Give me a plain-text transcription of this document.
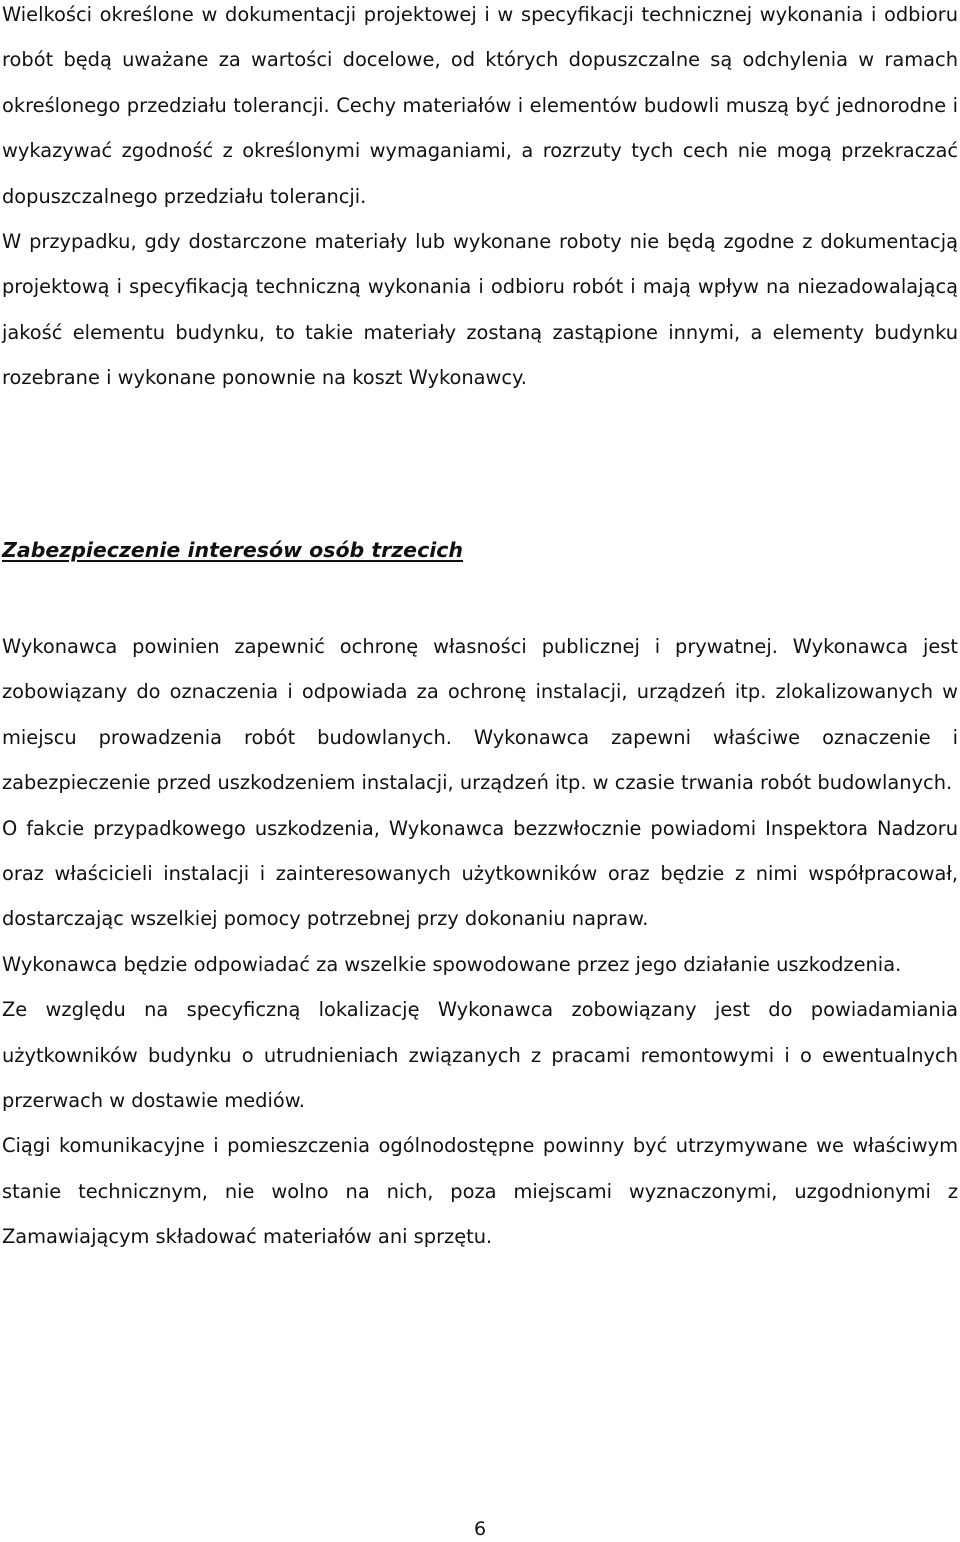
Wielkości określone w dokumentacji projektowej i w specyfikacji technicznej wykonania i odbioru robót będą uważane za wartości docelowe, od których dopuszczalne są odchylenia w ramach określonego przedziału tolerancji. Cechy materiałów i elementów budowli muszą być jednorodne i wykazywać zgodność z określonymi wymaganiami, a rozrzuty tych cech nie mogą przekraczać dopuszczalnego przedziału tolerancji.

W przypadku, gdy dostarczone materiały lub wykonane roboty nie będą zgodne z dokumentacją projektową i specyfikacją techniczną wykonania i odbioru robót i mają wpływ na niezadowalającą jakość elementu budynku, to takie materiały zostaną zastąpione innymi, a elementy budynku rozebrane i wykonane ponownie na koszt Wykonawcy.

Zabezpieczenie interesów osób trzecich

Wykonawca powinien zapewnić ochronę własności publicznej i prywatnej. Wykonawca jest zobowiązany do oznaczenia i odpowiada za ochronę instalacji, urządzeń itp. zlokalizowanych w miejscu prowadzenia robót budowlanych. Wykonawca zapewni właściwe oznaczenie i zabezpieczenie przed uszkodzeniem instalacji, urządzeń itp. w czasie trwania robót budowlanych.

O fakcie przypadkowego uszkodzenia, Wykonawca bezzwłocznie powiadomi Inspektora Nadzoru oraz właścicieli instalacji i zainteresowanych użytkowników oraz będzie z nimi współpracował, dostarczając wszelkiej pomocy potrzebnej przy dokonaniu napraw.

Wykonawca będzie odpowiadać za wszelkie spowodowane przez jego działanie uszkodzenia.

Ze względu na specyficzną lokalizację Wykonawca zobowiązany jest do powiadamiania użytkowników budynku o utrudnieniach związanych z pracami remontowymi i o ewentualnych przerwach w dostawie mediów.

Ciągi komunikacyjne i pomieszczenia ogólnodostępne powinny być utrzymywane we właściwym stanie technicznym, nie wolno na nich, poza miejscami wyznaczonymi, uzgodnionymi z Zamawiającym składować materiałów ani sprzętu.

6
